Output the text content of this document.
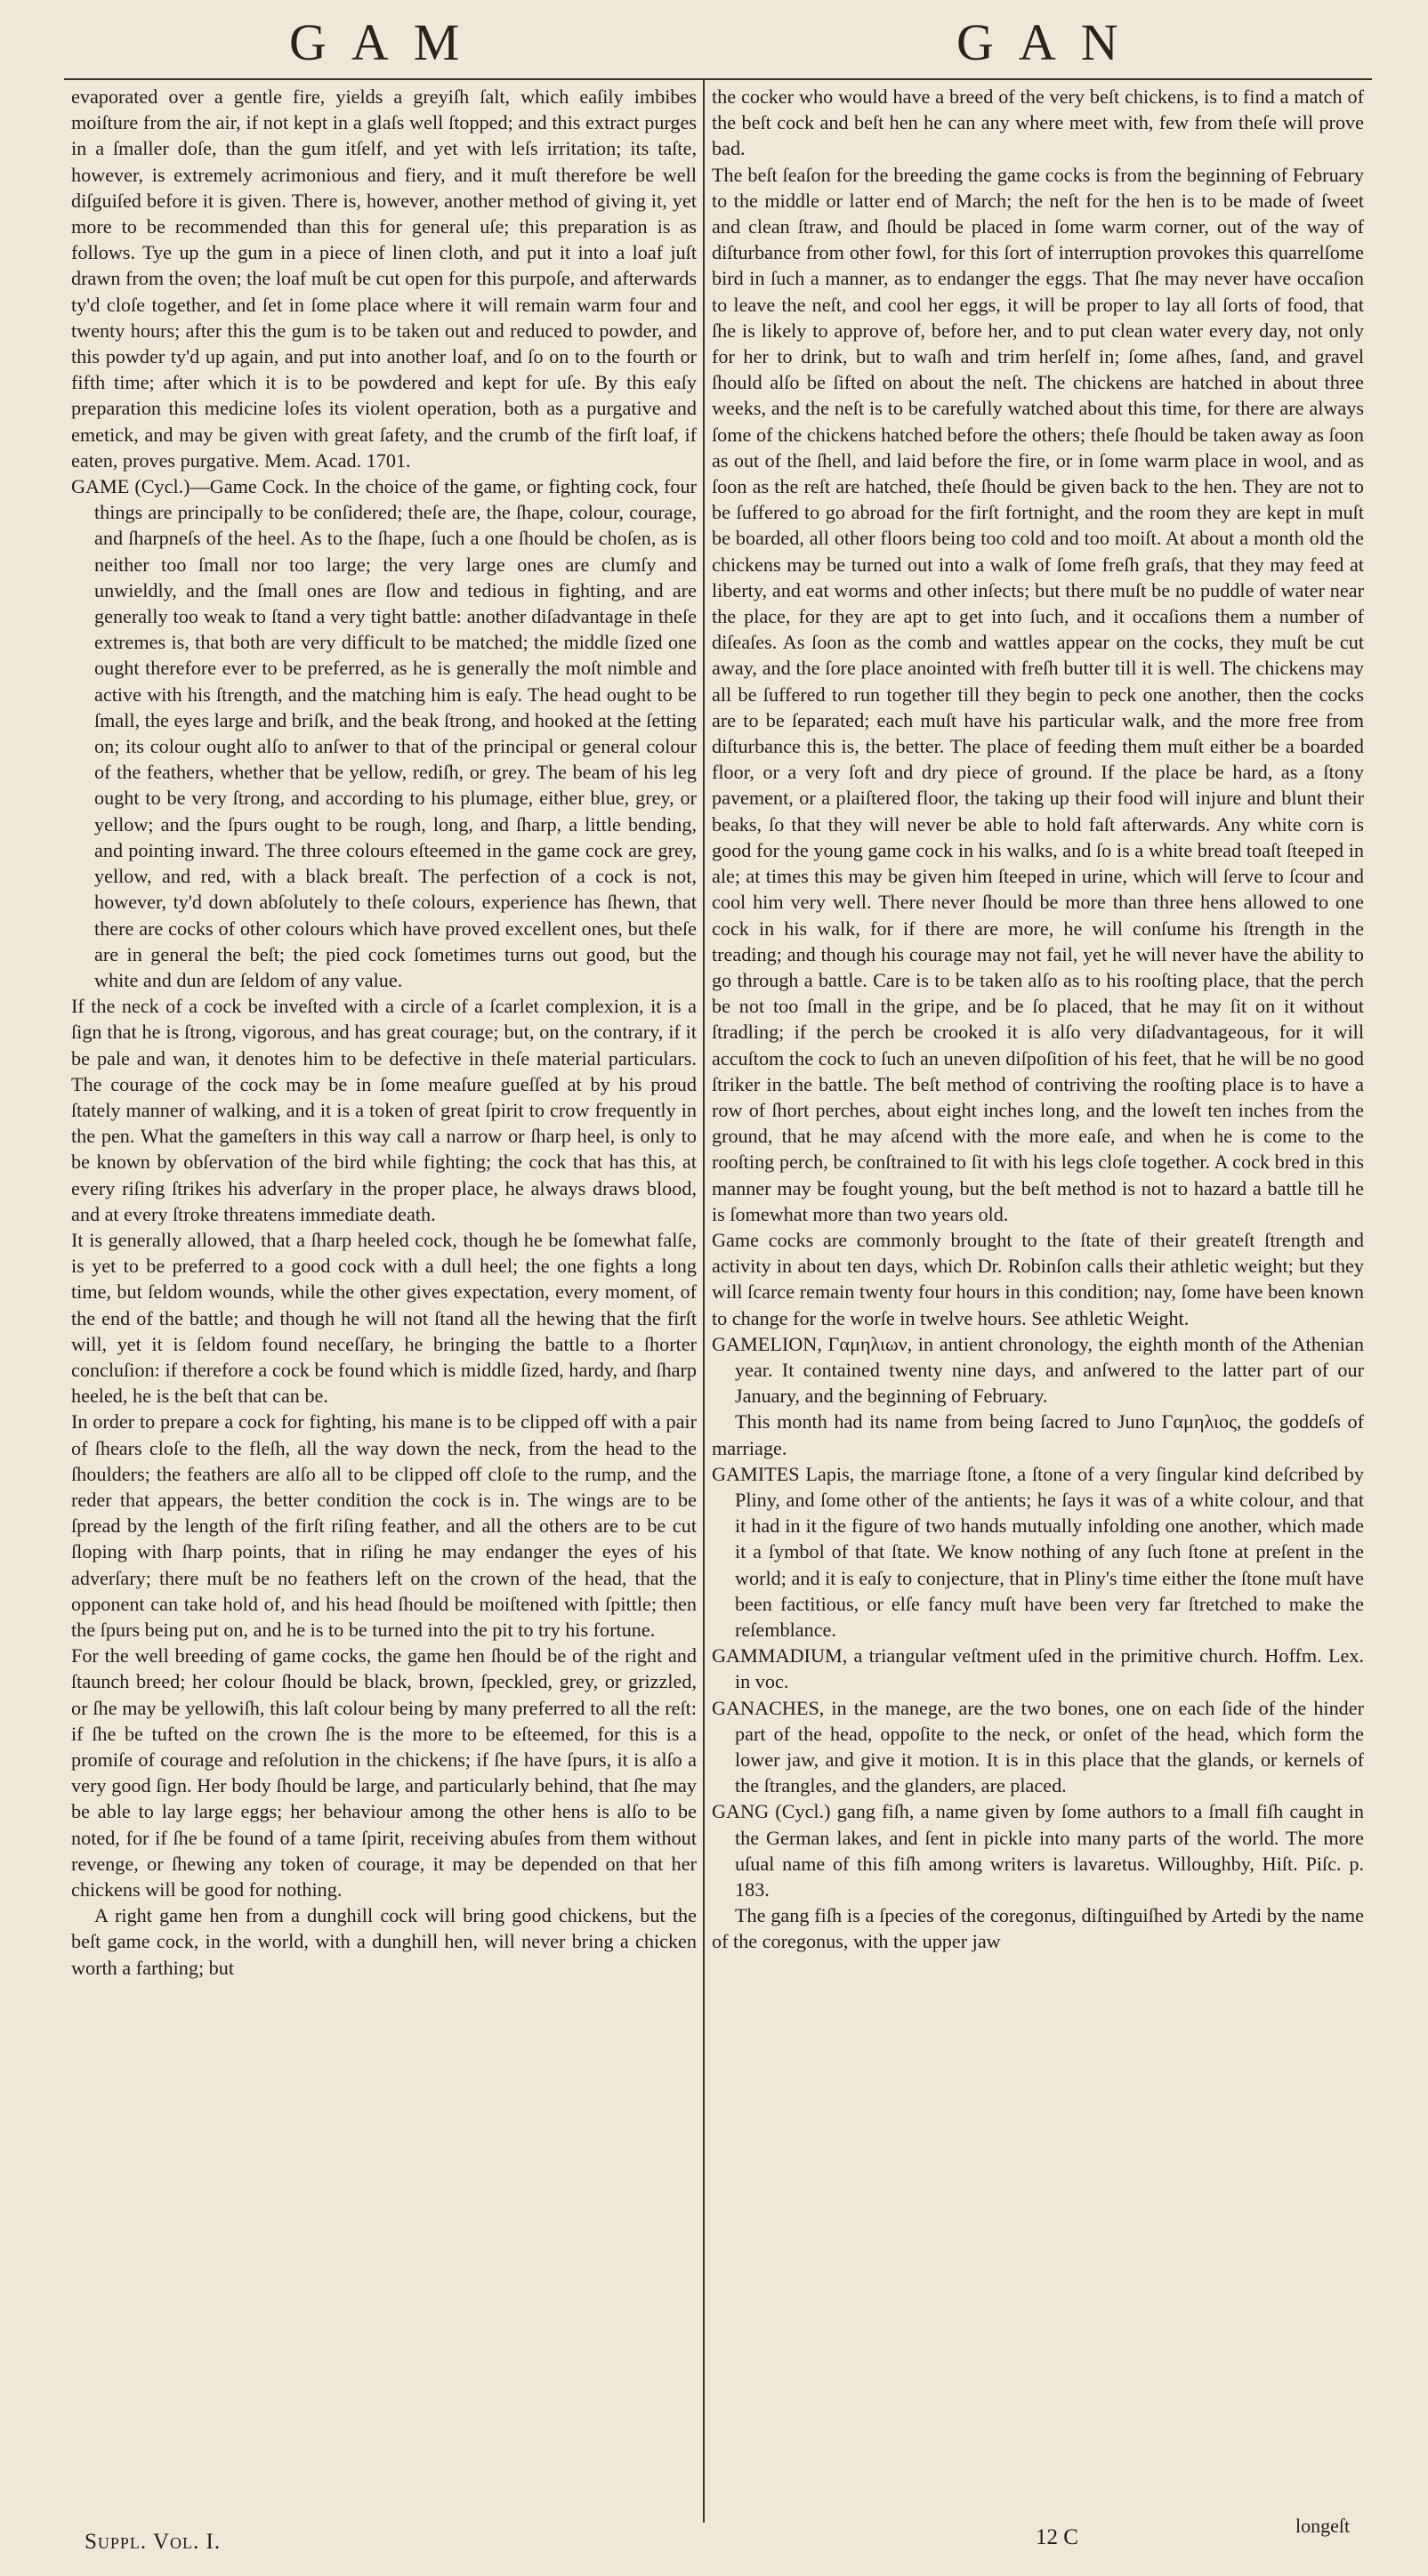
GAM	GAN

evaporated over a gentle fire, yields a greyiſh ſalt, which eaſily imbibes moiſture from the air, if not kept in a glaſs well ſtopped; and this extract purges in a ſmaller doſe, than the gum itſelf, and yet with leſs irritation; its taſte, however, is extremely acrimonious and fiery, and it muſt therefore be well diſguiſed before it is given. There is, however, another method of giving it, yet more to be recommended than this for general uſe; this preparation is as follows. Tye up the gum in a piece of linen cloth, and put it into a loaf juſt drawn from the oven; the loaf muſt be cut open for this purpoſe, and afterwards ty'd cloſe together, and ſet in ſome place where it will remain warm four and twenty hours; after this the gum is to be taken out and reduced to powder, and this powder ty'd up again, and put into another loaf, and ſo on to the fourth or fifth time; after which it is to be powdered and kept for uſe. By this eaſy preparation this medicine loſes its violent operation, both as a purgative and emetick, and may be given with great ſafety, and the crumb of the firſt loaf, if eaten, proves purgative. Mem. Acad. 1701.

GAME (Cycl.)—Game Cock. In the choice of the game, or fighting cock, four things are principally to be conſidered; theſe are, the ſhape, colour, courage, and ſharpneſs of the heel. As to the ſhape, ſuch a one ſhould be choſen, as is neither too ſmall nor too large; the very large ones are clumſy and unwieldly, and the ſmall ones are ſlow and tedious in fighting, and are generally too weak to ſtand a very tight battle: another diſadvantage in theſe extremes is, that both are very difficult to be matched; the middle ſized one ought therefore ever to be preferred, as he is generally the moſt nimble and active with his ſtrength, and the matching him is eaſy. The head ought to be ſmall, the eyes large and briſk, and the beak ſtrong, and hooked at the ſetting on; its colour ought alſo to anſwer to that of the principal or general colour of the feathers, whether that be yellow, rediſh, or grey. The beam of his leg ought to be very ſtrong, and according to his plumage, either blue, grey, or yellow; and the ſpurs ought to be rough, long, and ſharp, a little bending, and pointing inward. The three colours eſteemed in the game cock are grey, yellow, and red, with a black breaſt. The perfection of a cock is not, however, ty'd down abſolutely to theſe colours, experience has ſhewn, that there are cocks of other colours which have proved excellent ones, but theſe are in general the beſt; the pied cock ſometimes turns out good, but the white and dun are ſeldom of any value.

If the neck of a cock be inveſted with a circle of a ſcarlet complexion, it is a ſign that he is ſtrong, vigorous, and has great courage; but, on the contrary, if it be pale and wan, it denotes him to be defective in theſe material particulars. The courage of the cock may be in ſome meaſure gueſſed at by his proud ſtately manner of walking, and it is a token of great ſpirit to crow frequently in the pen. What the gameſters in this way call a narrow or ſharp heel, is only to be known by obſervation of the bird while fighting; the cock that has this, at every riſing ſtrikes his adverſary in the proper place, he always draws blood, and at every ſtroke threatens immediate death.

It is generally allowed, that a ſharp heeled cock, though he be ſomewhat falſe, is yet to be preferred to a good cock with a dull heel; the one fights a long time, but ſeldom wounds, while the other gives expectation, every moment, of the end of the battle; and though he will not ſtand all the hewing that the firſt will, yet it is ſeldom found neceſſary, he bringing the battle to a ſhorter concluſion: if therefore a cock be found which is middle ſized, hardy, and ſharp heeled, he is the beſt that can be.

In order to prepare a cock for fighting, his mane is to be clipped off with a pair of ſhears cloſe to the fleſh, all the way down the neck, from the head to the ſhoulders; the feathers are alſo all to be clipped off cloſe to the rump, and the reder that appears, the better condition the cock is in. The wings are to be ſpread by the length of the firſt riſing feather, and all the others are to be cut ſloping with ſharp points, that in riſing he may endanger the eyes of his adverſary; there muſt be no feathers left on the crown of the head, that the opponent can take hold of, and his head ſhould be moiſtened with ſpittle; then the ſpurs being put on, and he is to be turned into the pit to try his fortune.

For the well breeding of game cocks, the game hen ſhould be of the right and ſtaunch breed; her colour ſhould be black, brown, ſpeckled, grey, or grizzled, or ſhe may be yellowiſh, this laſt colour being by many preferred to all the reſt: if ſhe be tufted on the crown ſhe is the more to be eſteemed, for this is a promiſe of courage and reſolution in the chickens; if ſhe have ſpurs, it is alſo a very good ſign. Her body ſhould be large, and particularly behind, that ſhe may be able to lay large eggs; her behaviour among the other hens is alſo to be noted, for if ſhe be found of a tame ſpirit, receiving abuſes from them without revenge, or ſhewing any token of courage, it may be depended on that her chickens will be good for nothing.

A right game hen from a dunghill cock will bring good chickens, but the beſt game cock, in the world, with a dunghill hen, will never bring a chicken worth a farthing; but

the cocker who would have a breed of the very beſt chickens, is to find a match of the beſt cock and beſt hen he can any where meet with, few from theſe will prove bad.

The beſt ſeaſon for the breeding the game cocks is from the beginning of February to the middle or latter end of March; the neſt for the hen is to be made of ſweet and clean ſtraw, and ſhould be placed in ſome warm corner, out of the way of diſturbance from other fowl, for this ſort of interruption provokes this quarrelſome bird in ſuch a manner, as to endanger the eggs. That ſhe may never have occaſion to leave the neſt, and cool her eggs, it will be proper to lay all ſorts of food, that ſhe is likely to approve of, before her, and to put clean water every day, not only for her to drink, but to waſh and trim herſelf in; ſome aſhes, ſand, and gravel ſhould alſo be ſifted on about the neſt. The chickens are hatched in about three weeks, and the neſt is to be carefully watched about this time, for there are always ſome of the chickens hatched before the others; theſe ſhould be taken away as ſoon as out of the ſhell, and laid before the fire, or in ſome warm place in wool, and as ſoon as the reſt are hatched, theſe ſhould be given back to the hen. They are not to be ſuffered to go abroad for the firſt fortnight, and the room they are kept in muſt be boarded, all other floors being too cold and too moiſt. At about a month old the chickens may be turned out into a walk of ſome freſh graſs, that they may feed at liberty, and eat worms and other inſects; but there muſt be no puddle of water near the place, for they are apt to get into ſuch, and it occaſions them a number of diſeaſes. As ſoon as the comb and wattles appear on the cocks, they muſt be cut away, and the ſore place anointed with freſh butter till it is well. The chickens may all be ſuffered to run together till they begin to peck one another, then the cocks are to be ſeparated; each muſt have his particular walk, and the more free from diſturbance this is, the better. The place of feeding them muſt either be a boarded floor, or a very ſoft and dry piece of ground. If the place be hard, as a ſtony pavement, or a plaiſtered floor, the taking up their food will injure and blunt their beaks, ſo that they will never be able to hold faſt afterwards. Any white corn is good for the young game cock in his walks, and ſo is a white bread toaſt ſteeped in ale; at times this may be given him ſteeped in urine, which will ſerve to ſcour and cool him very well. There never ſhould be more than three hens allowed to one cock in his walk, for if there are more, he will conſume his ſtrength in the treading; and though his courage may not fail, yet he will never have the ability to go through a battle. Care is to be taken alſo as to his rooſting place, that the perch be not too ſmall in the gripe, and be ſo placed, that he may ſit on it without ſtradling; if the perch be crooked it is alſo very diſadvantageous, for it will accuſtom the cock to ſuch an uneven diſpoſition of his feet, that he will be no good ſtriker in the battle. The beſt method of contriving the rooſting place is to have a row of ſhort perches, about eight inches long, and the loweſt ten inches from the ground, that he may aſcend with the more eaſe, and when he is come to the rooſting perch, be conſtrained to ſit with his legs cloſe together. A cock bred in this manner may be fought young, but the beſt method is not to hazard a battle till he is ſomewhat more than two years old.

Game cocks are commonly brought to the ſtate of their greateſt ſtrength and activity in about ten days, which Dr. Robinſon calls their athletic weight; but they will ſcarce remain twenty four hours in this condition; nay, ſome have been known to change for the worſe in twelve hours. See athletic Weight.

GAMELION, Γαμηλιων, in antient chronology, the eighth month of the Athenian year. It contained twenty nine days, and anſwered to the latter part of our January, and the beginning of February.

This month had its name from being ſacred to Juno Γαμηλιος, the goddeſs of marriage.

GAMITES Lapis, the marriage ſtone, a ſtone of a very ſingular kind deſcribed by Pliny, and ſome other of the antients; he ſays it was of a white colour, and that it had in it the figure of two hands mutually infolding one another, which made it a ſymbol of that ſtate. We know nothing of any ſuch ſtone at preſent in the world; and it is eaſy to conjecture, that in Pliny's time either the ſtone muſt have been factitious, or elſe fancy muſt have been very far ſtretched to make the reſemblance.

GAMMADIUM, a triangular veſtment uſed in the primitive church. Hoffm. Lex. in voc.

GANACHES, in the manege, are the two bones, one on each ſide of the hinder part of the head, oppoſite to the neck, or onſet of the head, which form the lower jaw, and give it motion. It is in this place that the glands, or kernels of the ſtrangles, and the glanders, are placed.

GANG (Cycl.) gang fiſh, a name given by ſome authors to a ſmall fiſh caught in the German lakes, and ſent in pickle into many parts of the world. The more uſual name of this fiſh among writers is lavaretus. Willoughby, Hiſt. Piſc. p. 183.

The gang fiſh is a ſpecies of the coregonus, diſtinguiſhed by Artedi by the name of the coregonus, with the upper jaw

Suppl. Vol. I.	12 C	longeſt
